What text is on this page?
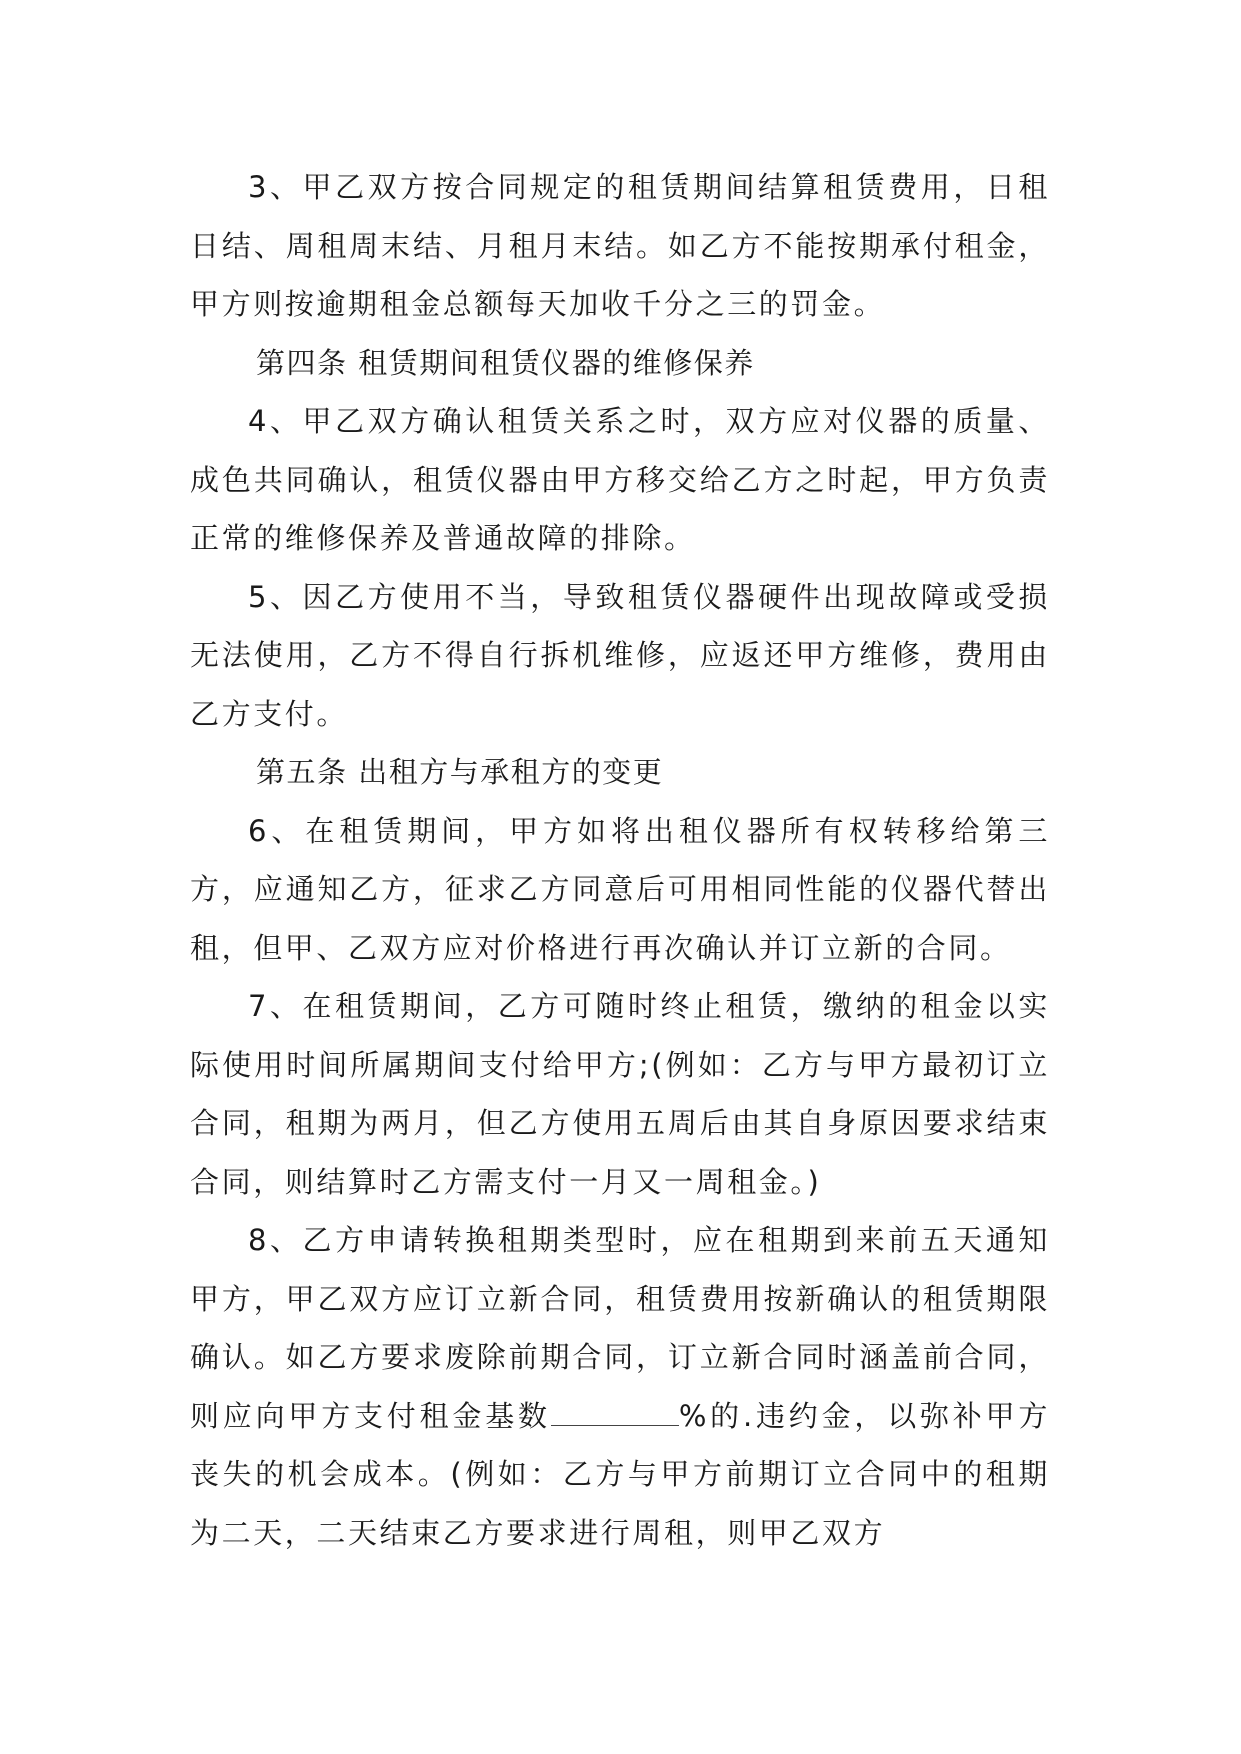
3、甲乙双方按合同规定的租赁期间结算租赁费用，日租日结、周租周末结、月租月末结。如乙方不能按期承付租金，甲方则按逾期租金总额每天加收千分之三的罚金。

第四条 租赁期间租赁仪器的维修保养

4、甲乙双方确认租赁关系之时，双方应对仪器的质量、成色共同确认，租赁仪器由甲方移交给乙方之时起，甲方负责正常的维修保养及普通故障的排除。

5、因乙方使用不当，导致租赁仪器硬件出现故障或受损无法使用，乙方不得自行拆机维修，应返还甲方维修，费用由乙方支付。

第五条 出租方与承租方的变更

6、在租赁期间，甲方如将出租仪器所有权转移给第三方，应通知乙方，征求乙方同意后可用相同性能的仪器代替出租，但甲、乙双方应对价格进行再次确认并订立新的合同。

7、在租赁期间，乙方可随时终止租赁，缴纳的租金以实际使用时间所属期间支付给甲方;(例如：乙方与甲方最初订立合同，租期为两月，但乙方使用五周后由其自身原因要求结束合同，则结算时乙方需支付一月又一周租金。)

8、乙方申请转换租期类型时，应在租期到来前五天通知甲方，甲乙双方应订立新合同，租赁费用按新确认的租赁期限确认。如乙方要求废除前期合同，订立新合同时涵盖前合同，则应向甲方支付租金基数	%的.违约金，以弥补甲方丧失的机会成本。(例如：乙方与甲方前期订立合同中的租期为二天，二天结束乙方要求进行周租，则甲乙双方
